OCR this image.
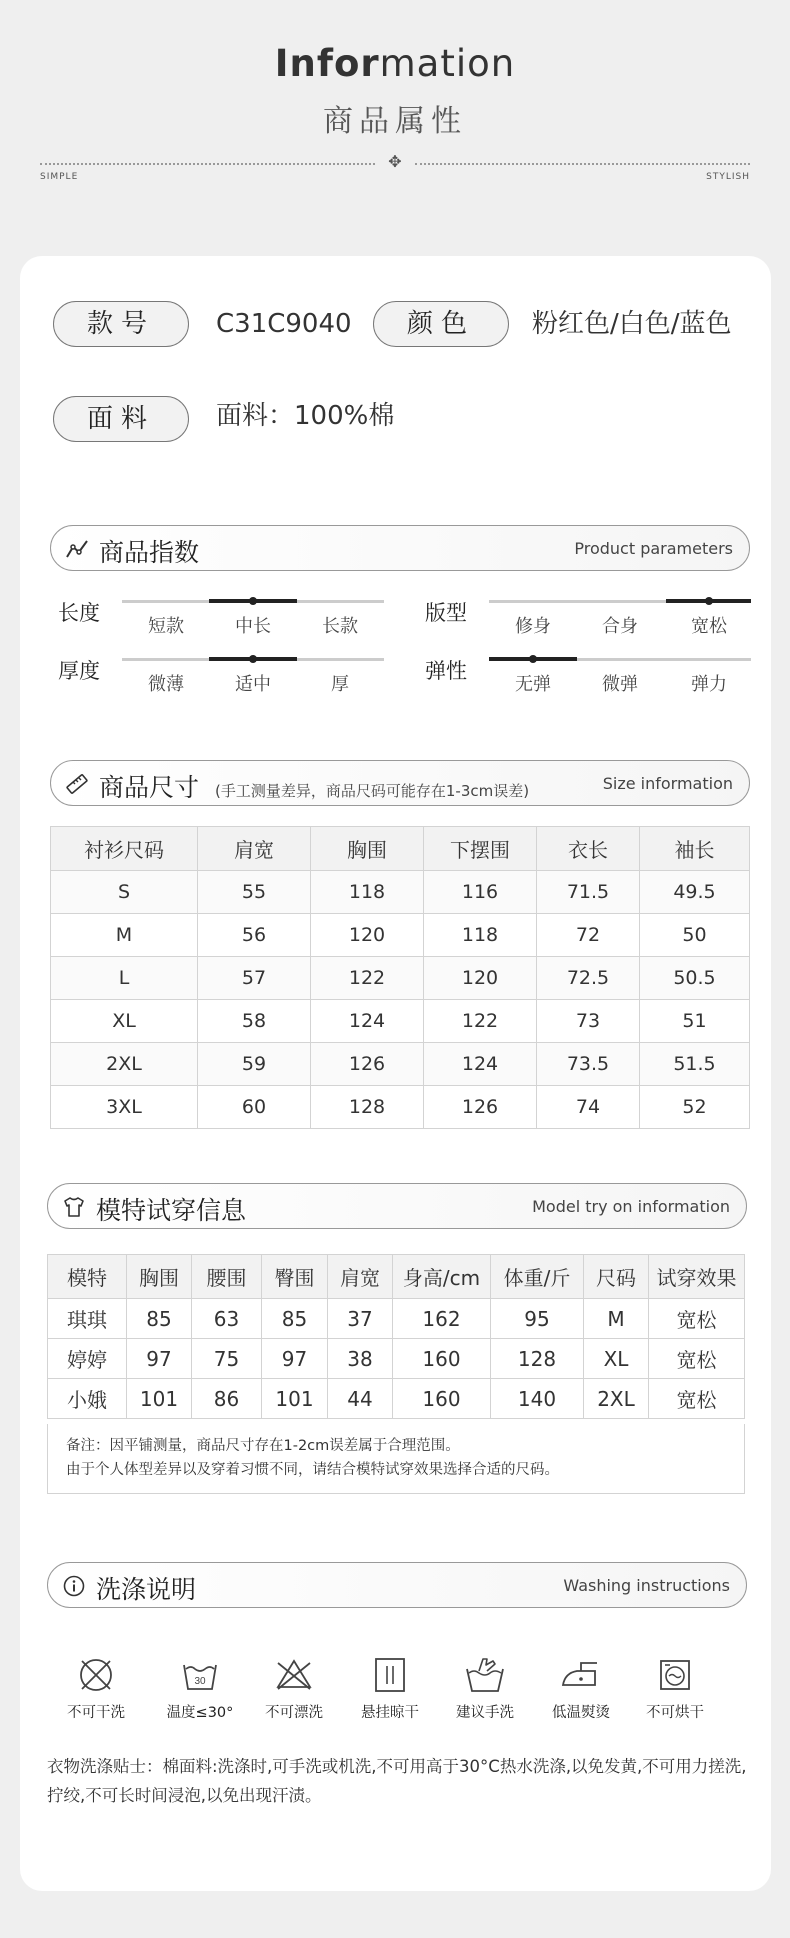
Information
商品属性
✥
SIMPLE	STYLISH
款号	C31C9040	颜色	粉红色/白色/蓝色
面料	面料：100%棉
商品指数	Product parameters
长度
短款	中长	长款
版型
修身	合身	宽松
厚度
微薄	适中	厚
弹性
无弹	微弹	弹力
商品尺寸 (手工测量差异，商品尺码可能存在1-3cm误差)	Size information
衬衫尺码	肩宽	胸围	下摆围	衣长	袖长
S	55	118	116	71.5	49.5
M	56	120	118	72	50
L	57	122	120	72.5	50.5
XL	58	124	122	73	51
2XL	59	126	124	73.5	51.5
3XL	60	128	126	74	52
模特试穿信息	Model try on information
模特	胸围	腰围	臀围	肩宽	身高/cm	体重/斤	尺码	试穿效果
琪琪	85	63	85	37	162	95	M	宽松
婷婷	97	75	97	38	160	128	XL	宽松
小娥	101	86	101	44	160	140	2XL	宽松
备注：因平铺测量，商品尺寸存在1-2cm误差属于合理范围。
由于个人体型差异以及穿着习惯不同，请结合模特试穿效果选择合适的尺码。
洗涤说明	Washing instructions
不可干洗
30
温度≤30°	不可漂洗	悬挂晾干	建议手洗	低温熨烫	不可烘干
衣物洗涤贴士：棉面料:洗涤时,可手洗或机洗,不可用高于30°C热水洗涤,以免发黄,不可用力搓洗,拧绞,不可长时间浸泡,以免出现汗渍。
